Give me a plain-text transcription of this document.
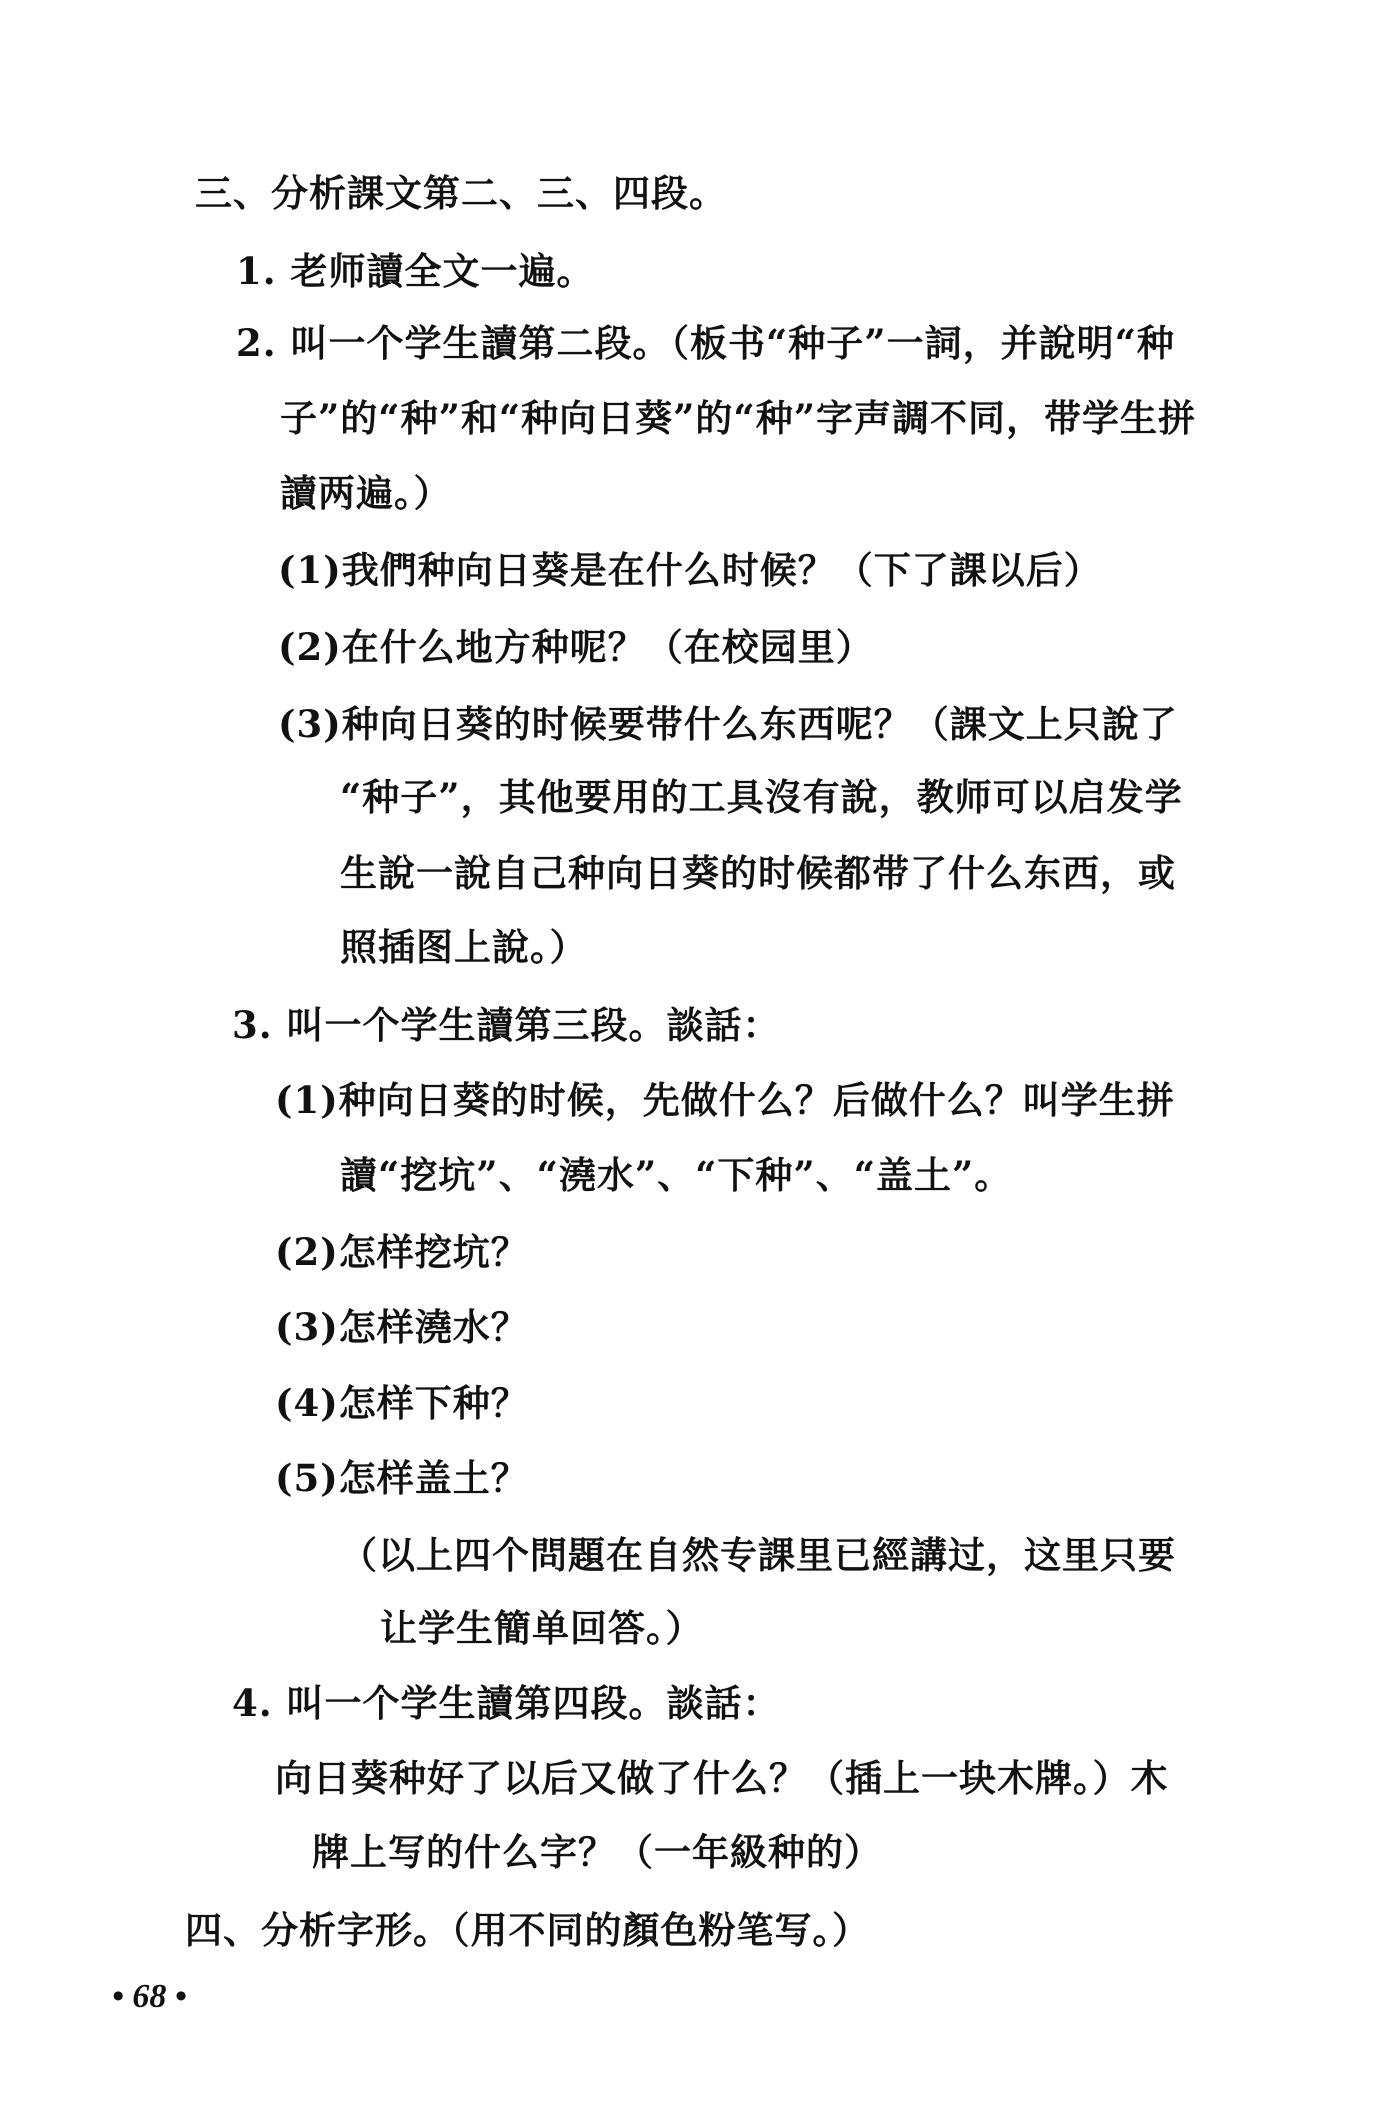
三、分析課文第二、三、四段。
1. 老师讀全文一遍。
2. 叫一个学生讀第二段。（板书“种子”一詞，并說明“种
子”的“种”和“种向日葵”的“种”字声調不同，带学生拼
讀两遍。）
(1)我們种向日葵是在什么时候？（下了課以后）
(2)在什么地方种呢？（在校园里）
(3)种向日葵的时候要带什么东西呢？（課文上只說了
“种子”，其他要用的工具沒有說，教师可以启发学
生說一說自己种向日葵的时候都带了什么东西，或
照插图上說。）
3. 叫一个学生讀第三段。談話：
(1)种向日葵的时候，先做什么？后做什么？叫学生拼
讀“挖坑”、“澆水”、“下种”、“盖土”。
(2)怎样挖坑？
(3)怎样澆水？
(4)怎样下种？
(5)怎样盖土？
（以上四个問題在自然专課里已經講过，这里只要
让学生簡单回答。）
4. 叫一个学生讀第四段。談話：
向日葵种好了以后又做了什么？（插上一块木牌。）木
牌上写的什么字？（一年級种的）
四、分析字形。（用不同的顏色粉笔写。）
• 68 •
